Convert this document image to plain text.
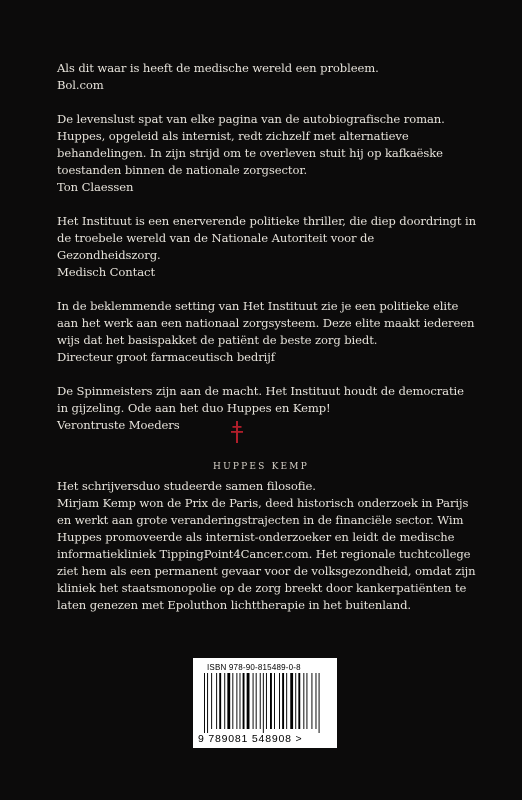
Als dit waar is heeft de medische wereld een probleem.

Bol.com

De levenslust spat van elke pagina van de autobiografische roman. Huppes, opgeleid als internist, redt zichzelf met alternatieve behandelingen. In zijn strijd om te overleven stuit hij op kafkaëske toestanden binnen de nationale zorgsector.

Ton Claessen

Het Instituut is een enerverende politieke thriller, die diep doordringt in de troebele wereld van de Nationale Autoriteit voor de Gezondheidszorg.

Medisch Contact

In de beklemmende setting van Het Instituut zie je een politieke elite aan het werk aan een nationaal zorgsysteem. Deze elite maakt iedereen wijs dat het basispakket de patiënt de beste zorg biedt.

Directeur groot farmaceutisch bedrijf

De Spinmeisters zijn aan de macht. Het Instituut houdt de democratie in gijzeling. Ode aan het duo Huppes en Kemp!

Verontruste Moeders

HUPPES KEMP

Het schrijversduo studeerde samen filosofie.

Mirjam Kemp won de Prix de Paris, deed historisch onderzoek in Parijs en werkt aan grote veranderingstrajecten in de financiële sector. Wim Huppes promoveerde als internist-onderzoeker en leidt de medische informatiekliniek TippingPoint4Cancer.com. Het regionale tuchtcollege ziet hem als een permanent gevaar voor de volksgezondheid, omdat zijn kliniek het staatsmonopolie op de zorg breekt door kankerpatiënten te laten genezen met Epoluthon lichttherapie in het buitenland.

ISBN 978-90-815489-0-8
9 789081 548908 >
